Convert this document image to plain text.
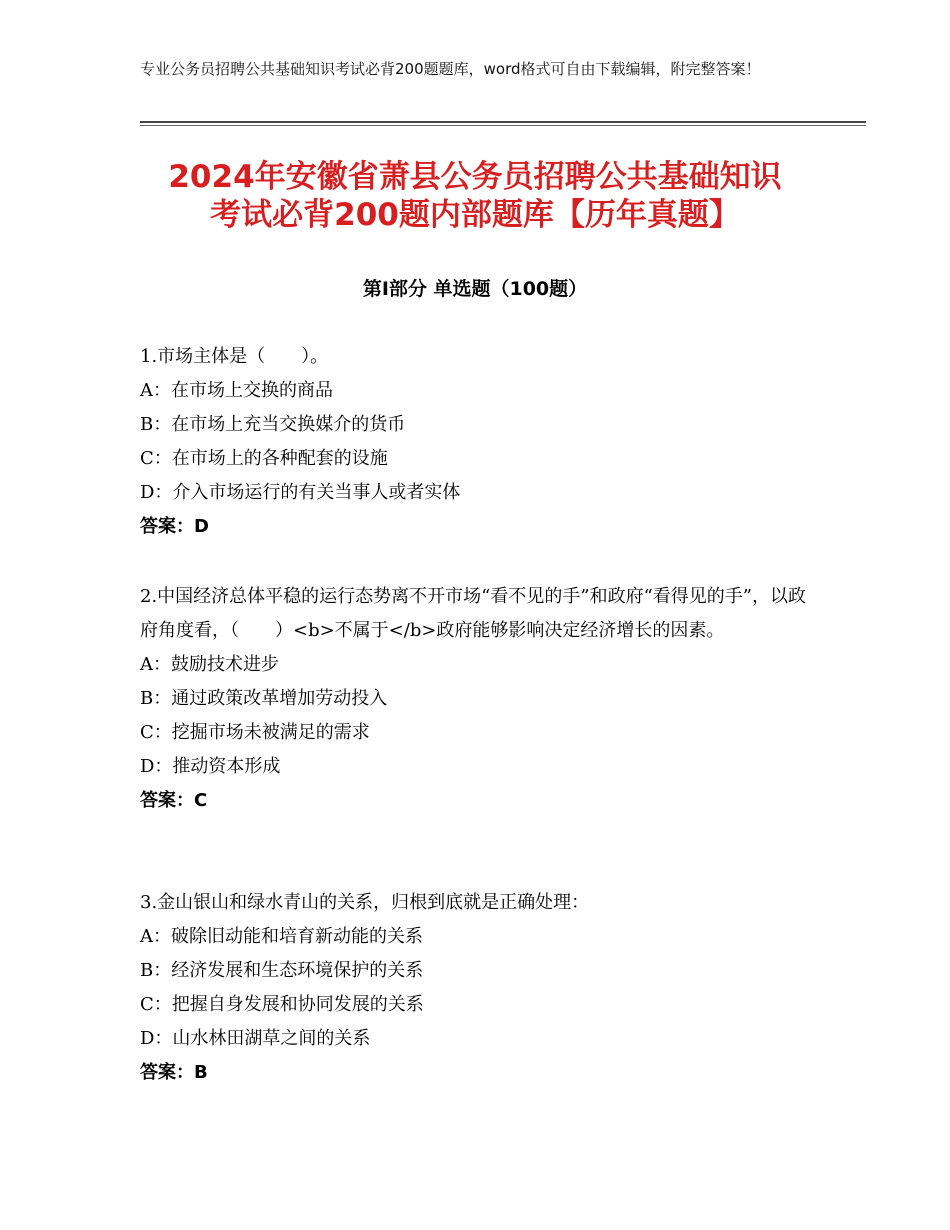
专业公务员招聘公共基础知识考试必背200题题库，word格式可自由下载编辑，附完整答案！
2024年安徽省萧县公务员招聘公共基础知识
考试必背200题内部题库【历年真题】
第Ⅰ部分 单选题（100题）

1.市场主体是（　　）。

A：在市场上交换的商品

B：在市场上充当交换媒介的货币

C：在市场上的各种配套的设施

D：介入市场运行的有关当事人或者实体

答案：D

2.中国经济总体平稳的运行态势离不开市场“看不见的手”和政府“看得见的手”，以政府角度看，（　　）<b>不属于</b>政府能够影响决定经济增长的因素。

A：鼓励技术进步

B：通过政策改革增加劳动投入

C：挖掘市场未被满足的需求

D：推动资本形成

答案：C

3.金山银山和绿水青山的关系，归根到底就是正确处理：

A：破除旧动能和培育新动能的关系

B：经济发展和生态环境保护的关系

C：把握自身发展和协同发展的关系

D：山水林田湖草之间的关系

答案：B
